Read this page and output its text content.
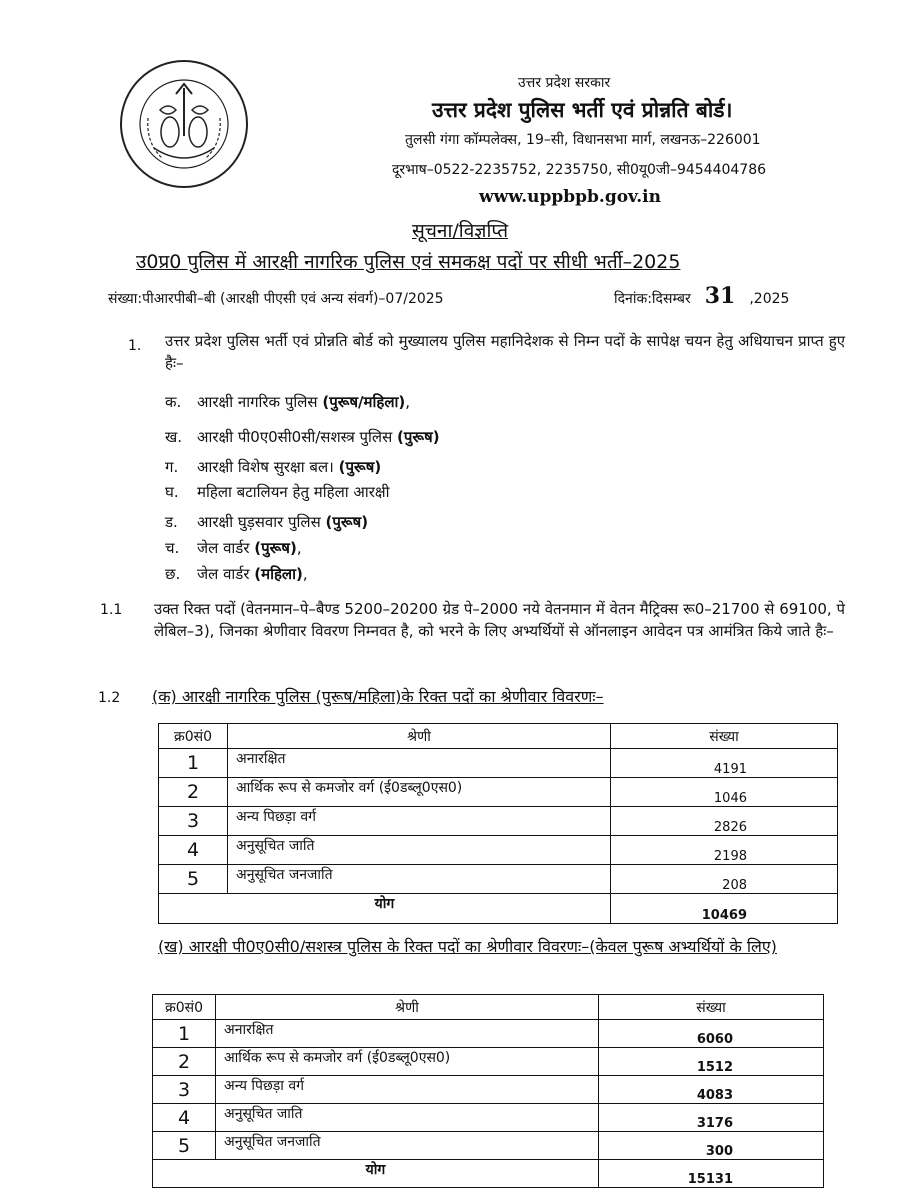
उत्तर प्रदेश सरकार
उत्तर प्रदेश पुलिस भर्ती एवं प्रोन्नति बोर्ड।
तुलसी गंगा कॉम्पलेक्स, 19–सी, विधानसभा मार्ग, लखनऊ–226001
दूरभाष–0522-2235752, 2235750, सी0यू0जी–9454404786
www.uppbpb.gov.in
सूचना/विज्ञप्ति
उ0प्र0 पुलिस में आरक्षी नागरिक पुलिस एवं समकक्ष पदों पर सीधी भर्ती–2025
संख्या:पीआरपीबी–बी (आरक्षी पीएसी एवं अन्य संवर्ग)–07/2025	दिनांक:दिसम्बर 31 ,2025
1. उत्तर प्रदेश पुलिस भर्ती एवं प्रोन्नति बोर्ड को मुख्यालय पुलिस महानिदेशक से निम्न पदों के सापेक्ष चयन हेतु अधियाचन प्राप्त हुए हैः–
क. आरक्षी नागरिक पुलिस (पुरूष/महिला),
ख. आरक्षी पी0ए0सी0सी/सशस्त्र पुलिस (पुरूष)
ग. आरक्षी विशेष सुरक्षा बल। (पुरूष)
घ. महिला बटालियन हेतु महिला आरक्षी
ड. आरक्षी घुड़सवार पुलिस (पुरूष)
च. जेल वार्डर (पुरूष),
छ. जेल वार्डर (महिला),
1.1 उक्त रिक्त पदों (वेतनमान–पे–बैण्ड 5200–20200 ग्रेड पे–2000 नये वेतनमान में वेतन मैट्रिक्स रू0–21700 से 69100, पे लेबिल–3), जिनका श्रेणीवार विवरण निम्नवत है, को भरने के लिए अभ्यर्थियों से ऑनलाइन आवेदन पत्र आमंत्रित किये जाते हैः–
1.2 (क) आरक्षी नागरिक पुलिस (पुरूष/महिला)के रिक्त पदों का श्रेणीवार विवरणः–
क्र0सं0	श्रेणी	संख्या
1	अनारक्षित	4191
2	आर्थिक रूप से कमजोर वर्ग (ई0डब्लू0एस0)	1046
3	अन्य पिछड़ा वर्ग	2826
4	अनुसूचित जाति	2198
5	अनुसूचित जनजाति	208
योग		10469
(ख) आरक्षी पी0ए0सी0/सशस्त्र पुलिस के रिक्त पदों का श्रेणीवार विवरणः–(केवल पुरूष अभ्यर्थियों के लिए)
क्र0सं0	श्रेणी	संख्या
1	अनारक्षित	6060
2	आर्थिक रूप से कमजोर वर्ग (ई0डब्लू0एस0)	1512
3	अन्य पिछड़ा वर्ग	4083
4	अनुसूचित जाति	3176
5	अनुसूचित जनजाति	300
योग		15131
